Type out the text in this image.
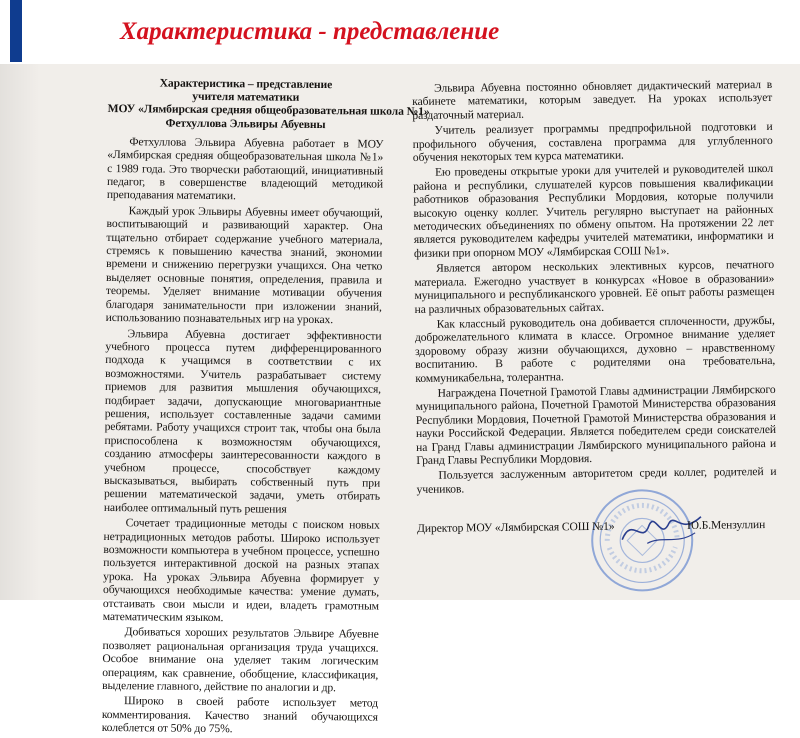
Характеристика - представление
Характеристика – представление
учителя математики
МОУ «Лямбирская средняя общеобразовательная школа №1»
Фетхуллова Эльвиры Абуевны

Фетхуллова Эльвира Абуевна работает в МОУ «Лямбирская средняя общеобразовательная школа №1» с 1989 года. Это творчески работающий, инициативный педагог, в совершенстве владеющий методикой преподавания математики.

Каждый урок Эльвиры Абуевны имеет обучающий, воспитывающий и развивающий характер. Она тщательно отбирает содержание учебного материала, стремясь к повышению качества знаний, экономии времени и снижению перегрузки учащихся. Она четко выделяет основные понятия, определения, правила и теоремы. Уделяет внимание мотивации обучения благодаря занимательности при изложении знаний, использованию познавательных игр на уроках.

Эльвира Абуевна достигает эффективности учебного процесса путем дифференцированного подхода к учащимся в соответствии с их возможностями. Учитель разрабатывает систему приемов для развития мышления обучающихся, подбирает задачи, допускающие многовариантные решения, использует составленные задачи самими ребятами. Работу учащихся строит так, чтобы она была приспособлена к возможностям обучающихся, созданию атмосферы заинтересованности каждого в учебном процессе, способствует каждому высказываться, выбирать собственный путь при решении математической задачи, уметь отбирать наиболее оптимальный путь решения

Сочетает традиционные методы с поиском новых нетрадиционных методов работы. Широко использует возможности компьютера в учебном процессе, успешно пользуется интерактивной доской на разных этапах урока. На уроках Эльвира Абуевна формирует у обучающихся необходимые качества: умение думать, отстаивать свои мысли и идеи, владеть грамотным математическим языком.

Добиваться хороших результатов Эльвире Абуевне позволяет рациональная организация труда учащихся. Особое внимание она уделяет таким логическим операциям, как сравнение, обобщение, классификация, выделение главного, действие по аналогии и др.

Широко в своей работе использует метод комментирования. Качество знаний обучающихся колеблется от 50% до 75%.

Эльвира Абуевна постоянно обновляет дидактический материал в кабинете математики, которым заведует. На уроках использует раздаточный материал.

Учитель реализует программы предпрофильной подготовки и профильного обучения, составлена программа для углубленного обучения некоторых тем курса математики.

Ею проведены открытые уроки для учителей и руководителей школ района и республики, слушателей курсов повышения квалификации работников образования Республики Мордовия, которые получили высокую оценку коллег. Учитель регулярно выступает на районных методических объединениях по обмену опытом. На протяжении 22 лет является руководителем кафедры учителей математики, информатики и физики при опорном МОУ «Лямбирская СОШ №1».

Является автором нескольких элективных курсов, печатного материала. Ежегодно участвует в конкурсах «Новое в образовании» муниципального и республиканского уровней. Её опыт работы размещен на различных образовательных сайтах.

Как классный руководитель она добивается сплоченности, дружбы, доброжелательного климата в классе. Огромное внимание уделяет здоровому образу жизни обучающихся, духовно – нравственному воспитанию. В работе с родителями она требовательна, коммуникабельна, толерантна.

Награждена Почетной Грамотой Главы администрации Лямбирского муниципального района, Почетной Грамотой Министерства образования Республики Мордовия, Почетной Грамотой Министерства образования и науки Российской Федерации. Является победителем среди соискателей на Гранд Главы администрации Лямбирского муниципального района и Гранд Главы Республики Мордовия.

Пользуется заслуженным авторитетом среди коллег, родителей и учеников.

Директор МОУ «Лямбирская СОШ №1»	Ю.Б.Мензуллин
